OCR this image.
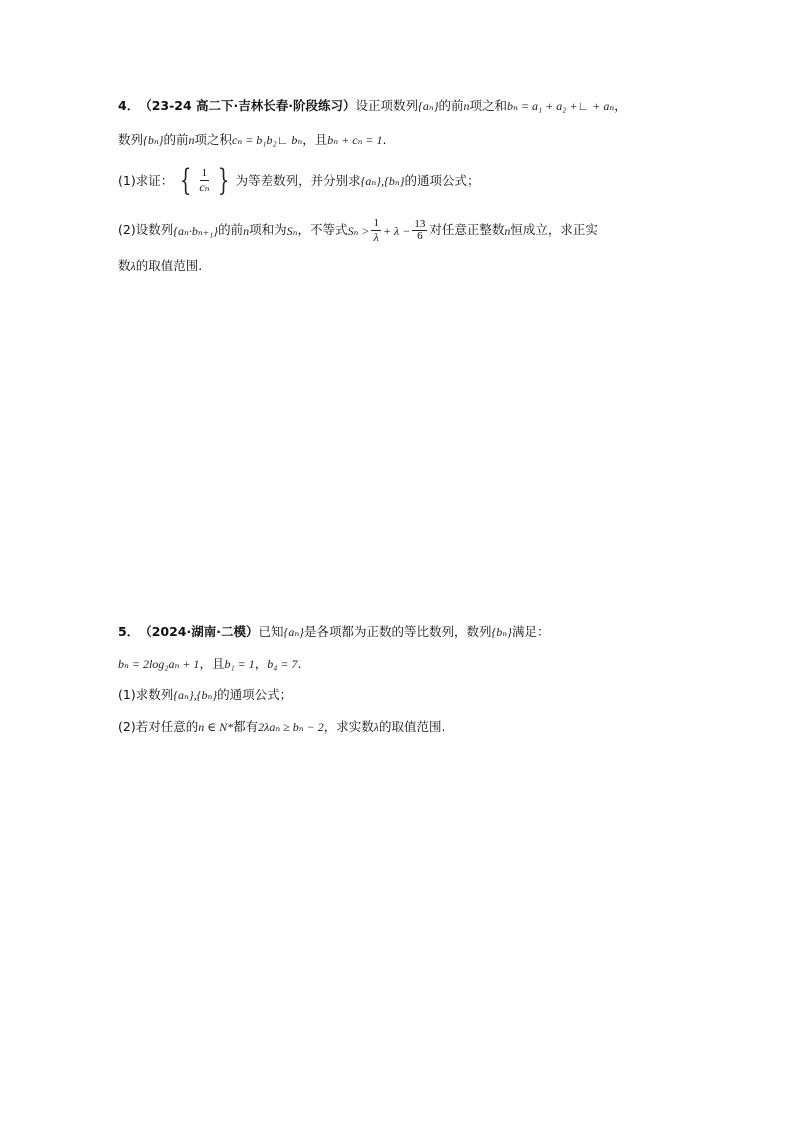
4． （23-24 高二下·吉林长春·阶段练习） 设正项数列 {aₙ} 的前 n 项之和 bₙ = a₁ + a₂ +∟ + aₙ ，
数列 {bₙ} 的前 n 项之积 cₙ = b₁b₂∟ bₙ ，且 bₙ + cₙ = 1 .
(1)求证： { $\frac{1}{\text{cₙ}}$ } 为等差数列，并分别求 {aₙ},{bₙ} 的通项公式；
(2)设数列 {aₙ·bₙ₊₁} 的前 n 项和为 Sₙ ，不等式 $S_n > \frac{1}{\lambda} + \lambda - \frac{13}{6}$ 对任意正整数 n 恒成立，求正实
数 λ 的取值范围.
5． （2024·湖南·二模） 已知 {aₙ} 是各项都为正数的等比数列，数列 {bₙ} 满足：
bₙ = 2log₂aₙ + 1 ，且 b₁ = 1 ， b₄ = 7 .
(1)求数列 {aₙ},{bₙ} 的通项公式；
(2)若对任意的 n ∈ N* 都有 2λaₙ ≥ bₙ − 2 ，求实数 λ 的取值范围.
